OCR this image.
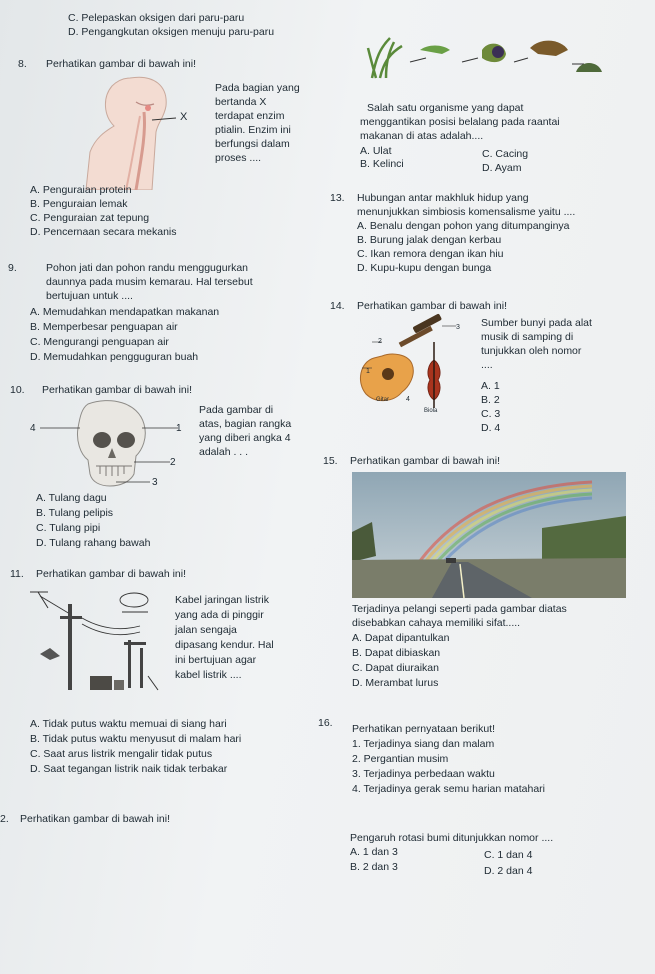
C. Pelepaskan oksigen dari paru-paru
D. Pengangkutan oksigen menuju paru-paru
8. Perhatikan gambar di bawah ini!
X
Pada bagian yang
bertanda X
terdapat enzim
ptialin. Enzim ini
berfungsi dalam
proses ....
A. Penguraian protein
B. Penguraian lemak
C. Penguraian zat tepung
D. Pencernaan secara mekanis
9.	Pohon jati dan pohon randu menggugurkan
daunnya pada musim kemarau. Hal tersebut
bertujuan untuk ....
A. Memudahkan mendapatkan makanan
B. Memperbesar penguapan air
C. Mengurangi penguapan air
D. Memudahkan pengguguran buah
10. Perhatikan gambar di bawah ini!
1
2
3
4
Pada gambar di
atas, bagian rangka
yang diberi angka 4
adalah . . .
A. Tulang dagu
B. Tulang pelipis
C. Tulang pipi
D. Tulang rahang bawah
11. Perhatikan gambar di bawah ini!
Kabel jaringan listrik
yang ada di pinggir
jalan sengaja
dipasang kendur. Hal
ini bertujuan agar
kabel listrik ....
A. Tidak putus waktu memuai di siang hari
B. Tidak putus waktu menyusut di malam hari
C. Saat arus listrik mengalir tidak putus
D. Saat tegangan listrik naik tidak terbakar
2. Perhatikan gambar di bawah ini!
Salah satu organisme yang dapat
menggantikan posisi belalang pada raantai
makanan di atas adalah....
A. Ulat
B. Kelinci
C. Cacing
D. Ayam
13. Hubungan antar makhluk hidup yang
menunjukkan simbiosis komensalisme yaitu ....
A. Benalu dengan pohon yang ditumpanginya
B. Burung jalak dengan kerbau
C. Ikan remora dengan ikan hiu
D. Kupu-kupu dengan bunga
14. Perhatikan gambar di bawah ini!
2
3
1
4
Gitar
Biola
Sumber bunyi pada alat
musik di samping di
tunjukkan oleh nomor
....
A. 1
B. 2
C. 3
D. 4
15. Perhatikan gambar di bawah ini!
Terjadinya pelangi seperti pada gambar diatas
disebabkan cahaya memiliki sifat.....
A. Dapat dipantulkan
B. Dapat dibiaskan
C. Dapat diuraikan
D. Merambat lurus
16. Perhatikan pernyataan berikut!
1. Terjadinya siang dan malam
2. Pergantian musim
3. Terjadinya perbedaan waktu
4. Terjadinya gerak semu harian matahari
Pengaruh rotasi bumi ditunjukkan nomor ....
A. 1 dan 3
B. 2 dan 3
C. 1 dan 4
D. 2 dan 4
